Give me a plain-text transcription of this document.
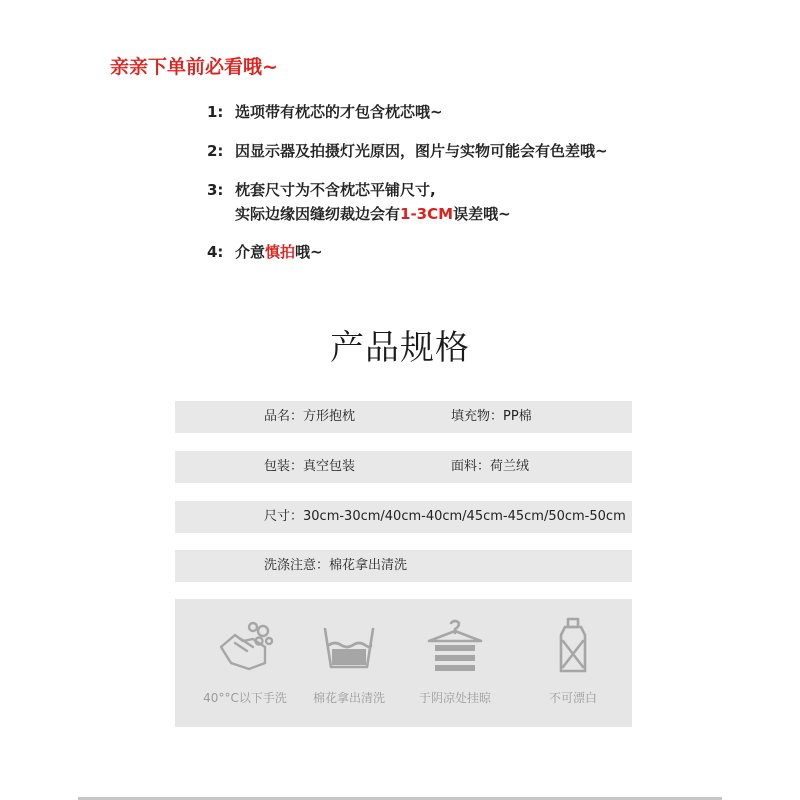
亲亲下单前必看哦~
1: 选项带有枕芯的才包含枕芯哦~
2: 因显示器及拍摄灯光原因，图片与实物可能会有色差哦~
3: 枕套尺寸为不含枕芯平铺尺寸,
实际边缘因缝纫裁边会有1-3CM误差哦~
4: 介意慎拍哦~
产品规格
品名：方形抱枕	填充物：PP棉
包装：真空包装	面料：荷兰绒
尺寸：30cm-30cm/40cm-40cm/45cm-45cm/50cm-50cm
洗涤注意：棉花拿出清洗
40°°C以下手洗	棉花拿出清洗	于阴凉处挂晾	不可漂白
